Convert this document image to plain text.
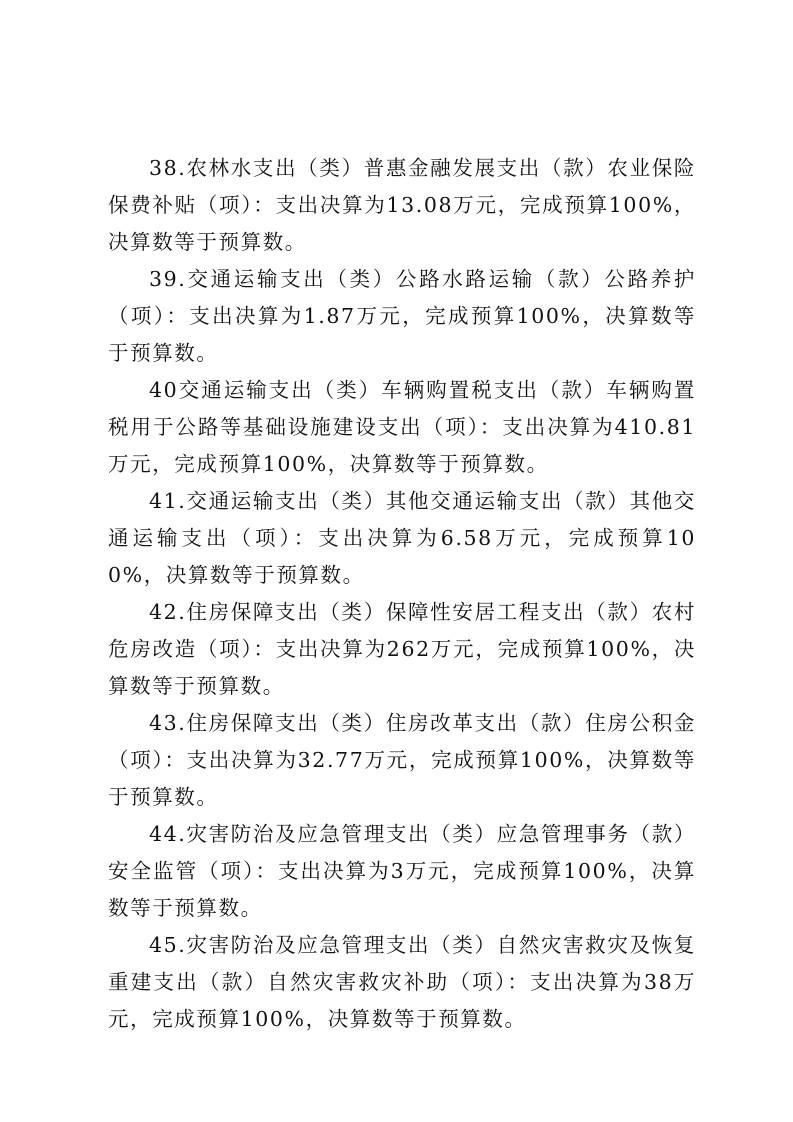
38.农林水支出（类）普惠金融发展支出（款）农业保险保费补贴（项）：支出决算为13.08万元，完成预算100%，决算数等于预算数。

39.交通运输支出（类）公路水路运输（款）公路养护（项）：支出决算为1.87万元，完成预算100%，决算数等于预算数。

40交通运输支出（类）车辆购置税支出（款）车辆购置税用于公路等基础设施建设支出（项）：支出决算为410.81万元，完成预算100%，决算数等于预算数。

41.交通运输支出（类）其他交通运输支出（款）其他交通运输支出（项）：支出决算为6.58万元，完成预算100%，决算数等于预算数。

42.住房保障支出（类）保障性安居工程支出（款）农村危房改造（项）：支出决算为262万元，完成预算100%，决算数等于预算数。

43.住房保障支出（类）住房改革支出（款）住房公积金（项）：支出决算为32.77万元，完成预算100%，决算数等于预算数。

44.灾害防治及应急管理支出（类）应急管理事务（款）安全监管（项）：支出决算为3万元，完成预算100%，决算数等于预算数。

45.灾害防治及应急管理支出（类）自然灾害救灾及恢复重建支出（款）自然灾害救灾补助（项）：支出决算为38万元，完成预算100%，决算数等于预算数。
